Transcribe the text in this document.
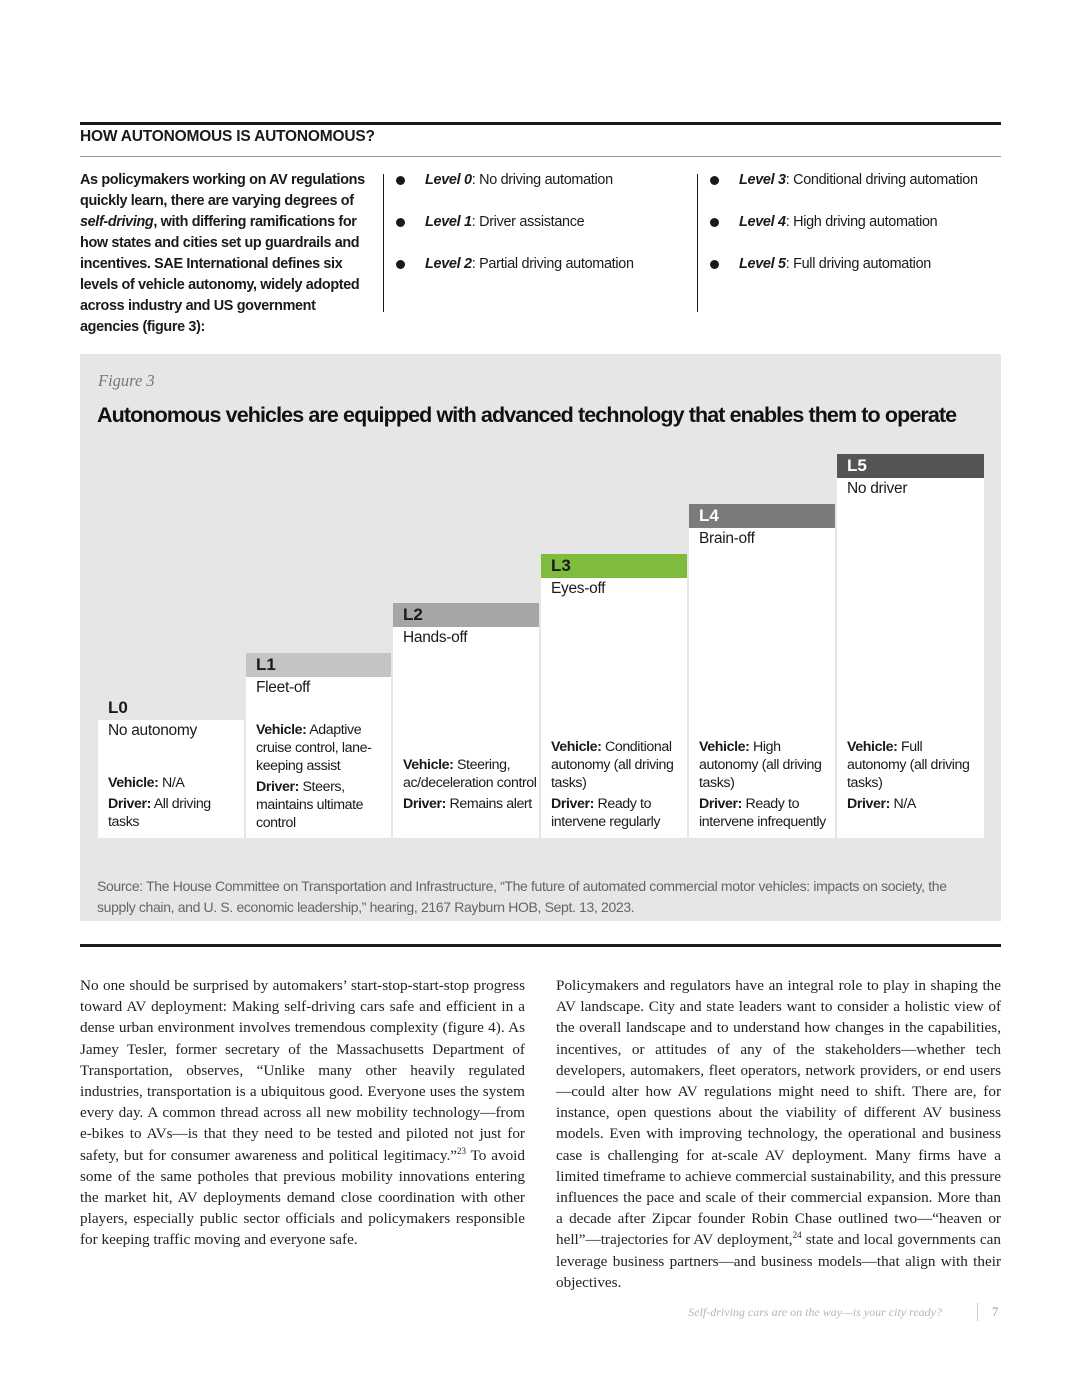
HOW AUTONOMOUS IS AUTONOMOUS?
As policymakers working on AV regulations quickly learn, there are varying degrees of self-driving, with differing ramifications for how states and cities set up guardrails and incentives. SAE International defines six levels of vehicle autonomy, widely adopted across industry and US government agencies (figure 3):
Level 0: No driving automation
Level 1: Driver assistance
Level 2: Partial driving automation
Level 3: Conditional driving automation
Level 4: High driving automation
Level 5: Full driving automation
Figure 3
Autonomous vehicles are equipped with advanced technology that enables them to operate
L0
No autonomy
Vehicle: N/A
Driver: All driving tasks
L1
Fleet-off
Vehicle: Adaptive cruise control, lane-keeping assist
Driver: Steers, maintains ultimate control
L2
Hands-off
Vehicle: Steering, ac/deceleration control
Driver: Remains alert
L3
Eyes-off
Vehicle: Conditional autonomy (all driving tasks)
Driver: Ready to intervene regularly
L4
Brain-off
Vehicle: High autonomy (all driving tasks)
Driver: Ready to intervene infrequently
L5
No driver
Vehicle: Full autonomy (all driving tasks)
Driver: N/A
Source: The House Committee on Transportation and Infrastructure, “The future of automated commercial motor vehicles: impacts on society, the supply chain, and U. S. economic leadership,” hearing, 2167 Rayburn HOB, Sept. 13, 2023.
No one should be surprised by automakers’ start-stop-start-stop progress toward AV deployment: Making self-driving cars safe and efficient in a dense urban environment involves tremendous complexity (figure 4). As Jamey Tesler, former secretary of the Massachusetts Department of Transportation, observes, “Unlike many other heavily regulated industries, transportation is a ubiquitous good. Everyone uses the system every day. A common thread across all new mobility technology—from e-bikes to AVs—is that they need to be tested and piloted not just for safety, but for consumer awareness and political legitimacy.”$^{23}$ To avoid some of the same potholes that previous mobility innovations entering the market hit, AV deployments demand close coordination with other players, especially public sector officials and policymakers responsible for keeping traffic moving and everyone safe.
Policymakers and regulators have an integral role to play in shaping the AV landscape. City and state leaders want to consider a holistic view of the overall landscape and to understand how changes in the capabilities, incentives, or attitudes of any of the stakeholders—whether tech developers, automakers, fleet operators, network providers, or end users—could alter how AV regulations might need to shift. There are, for instance, open questions about the viability of different AV business models. Even with improving technology, the operational and business case is challenging for at-scale AV deployment. Many firms have a limited timeframe to achieve commercial sustainability, and this pressure influences the pace and scale of their commercial expansion. More than a decade after Zipcar founder Robin Chase outlined two—“heaven or hell”—trajectories for AV deployment,$^{24}$ state and local governments can leverage business partners—and business models—that align with their objectives.
Self-driving cars are on the way—is your city ready?	7
